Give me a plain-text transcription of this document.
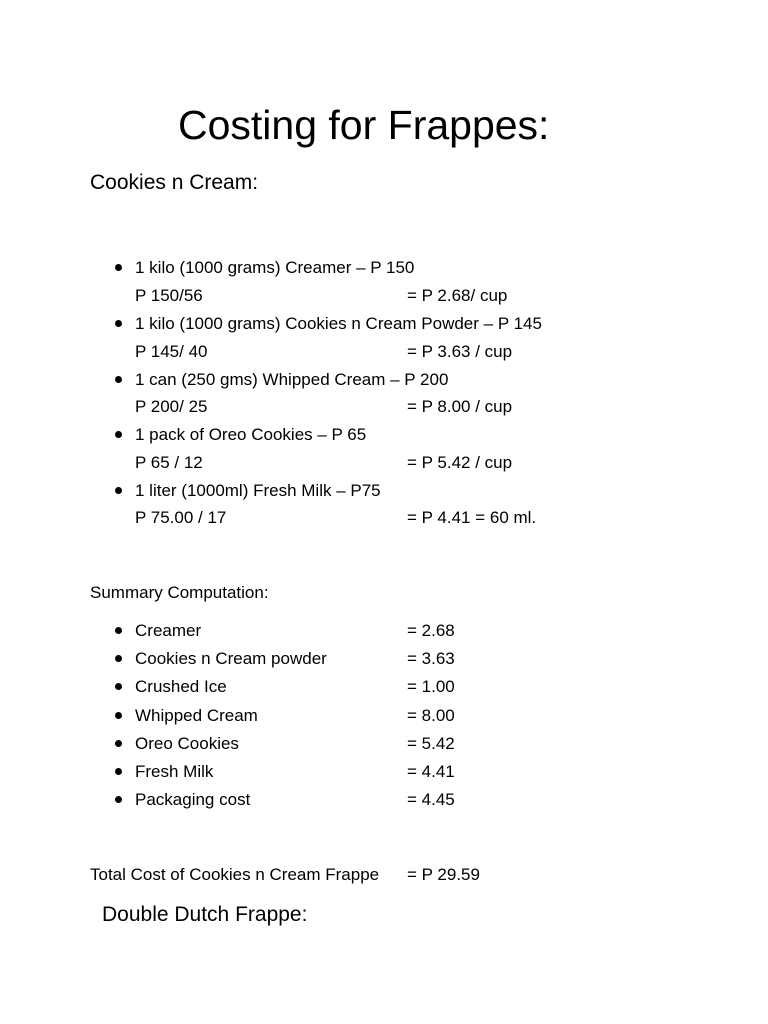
Costing for Frappes:
Cookies n Cream:
1 kilo (1000 grams) Creamer – P 150
P 150/56	= P 2.68/ cup
1 kilo (1000 grams) Cookies n Cream Powder – P 145
P 145/ 40	= P 3.63 / cup
1 can (250 gms) Whipped Cream – P 200
P 200/ 25	= P 8.00 / cup
1 pack of Oreo Cookies – P 65
P 65 / 12	= P 5.42 / cup
1 liter (1000ml) Fresh Milk – P75
P 75.00 / 17	= P 4.41 = 60 ml.
Summary Computation:
Creamer	= 2.68
Cookies n Cream powder	= 3.63
Crushed Ice	= 1.00
Whipped Cream	= 8.00
Oreo Cookies	= 5.42
Fresh Milk	= 4.41
Packaging cost	= 4.45
Total Cost of Cookies n Cream Frappe = P 29.59
Double Dutch Frappe:
